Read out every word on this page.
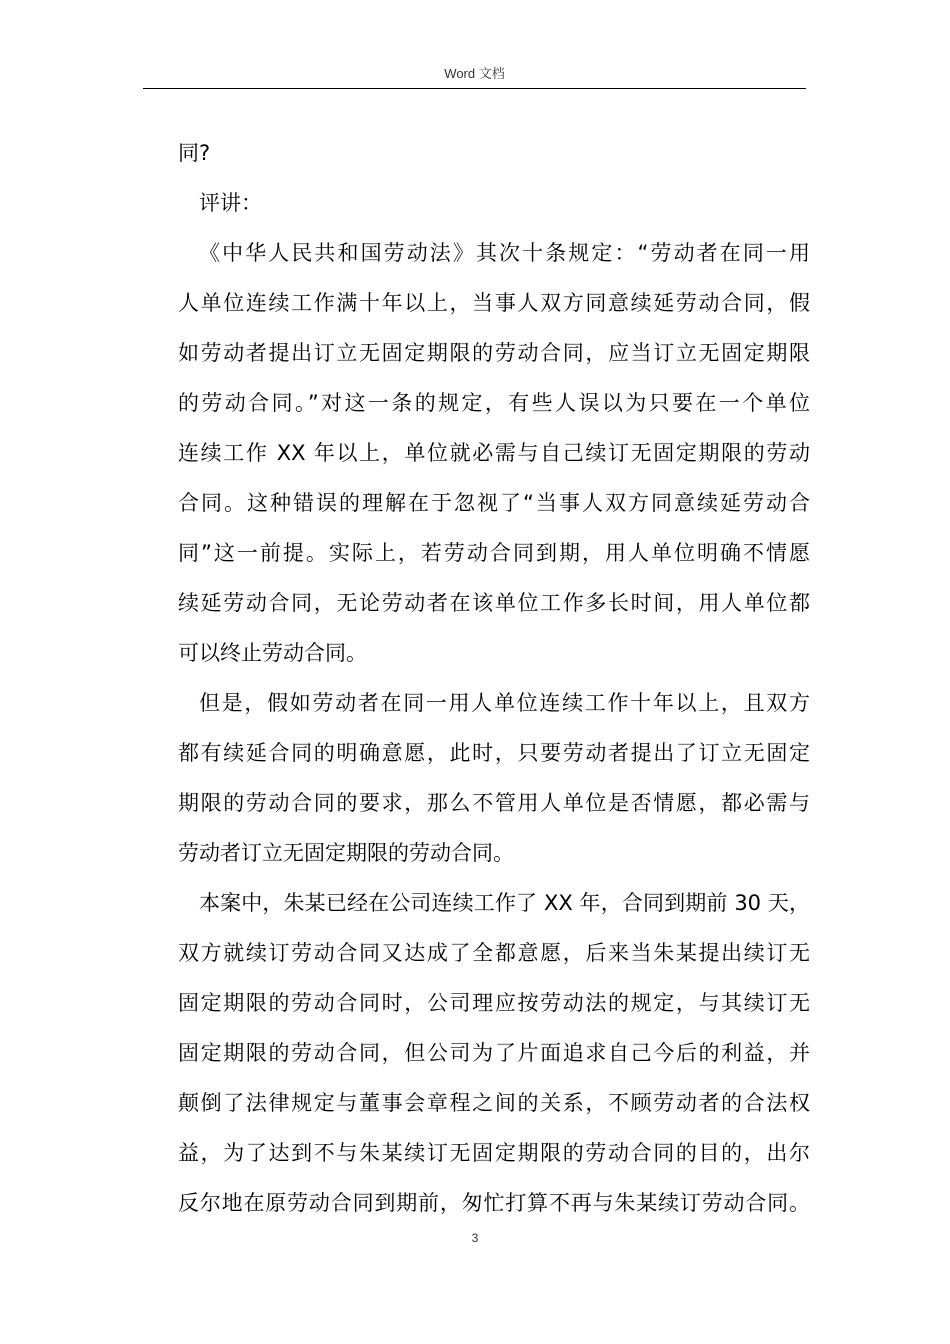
Word 文档
同?
评讲：
《中华人民共和国劳动法》其次十条规定：“劳动者在同一用
人单位连续工作满十年以上，当事人双方同意续延劳动合同，假
如劳动者提出订立无固定期限的劳动合同，应当订立无固定期限
的劳动合同。”对这一条的规定，有些人误以为只要在一个单位
连续工作 XX 年以上，单位就必需与自己续订无固定期限的劳动
合同。这种错误的理解在于忽视了“当事人双方同意续延劳动合
同”这一前提。实际上，若劳动合同到期，用人单位明确不情愿
续延劳动合同，无论劳动者在该单位工作多长时间，用人单位都
可以终止劳动合同。
但是，假如劳动者在同一用人单位连续工作十年以上，且双方
都有续延合同的明确意愿，此时，只要劳动者提出了订立无固定
期限的劳动合同的要求，那么不管用人单位是否情愿，都必需与
劳动者订立无固定期限的劳动合同。
本案中，朱某已经在公司连续工作了 XX 年，合同到期前 30 天，
双方就续订劳动合同又达成了全都意愿，后来当朱某提出续订无
固定期限的劳动合同时，公司理应按劳动法的规定，与其续订无
固定期限的劳动合同，但公司为了片面追求自己今后的利益，并
颠倒了法律规定与董事会章程之间的关系，不顾劳动者的合法权
益，为了达到不与朱某续订无固定期限的劳动合同的目的，出尔
反尔地在原劳动合同到期前，匆忙打算不再与朱某续订劳动合同。
3
